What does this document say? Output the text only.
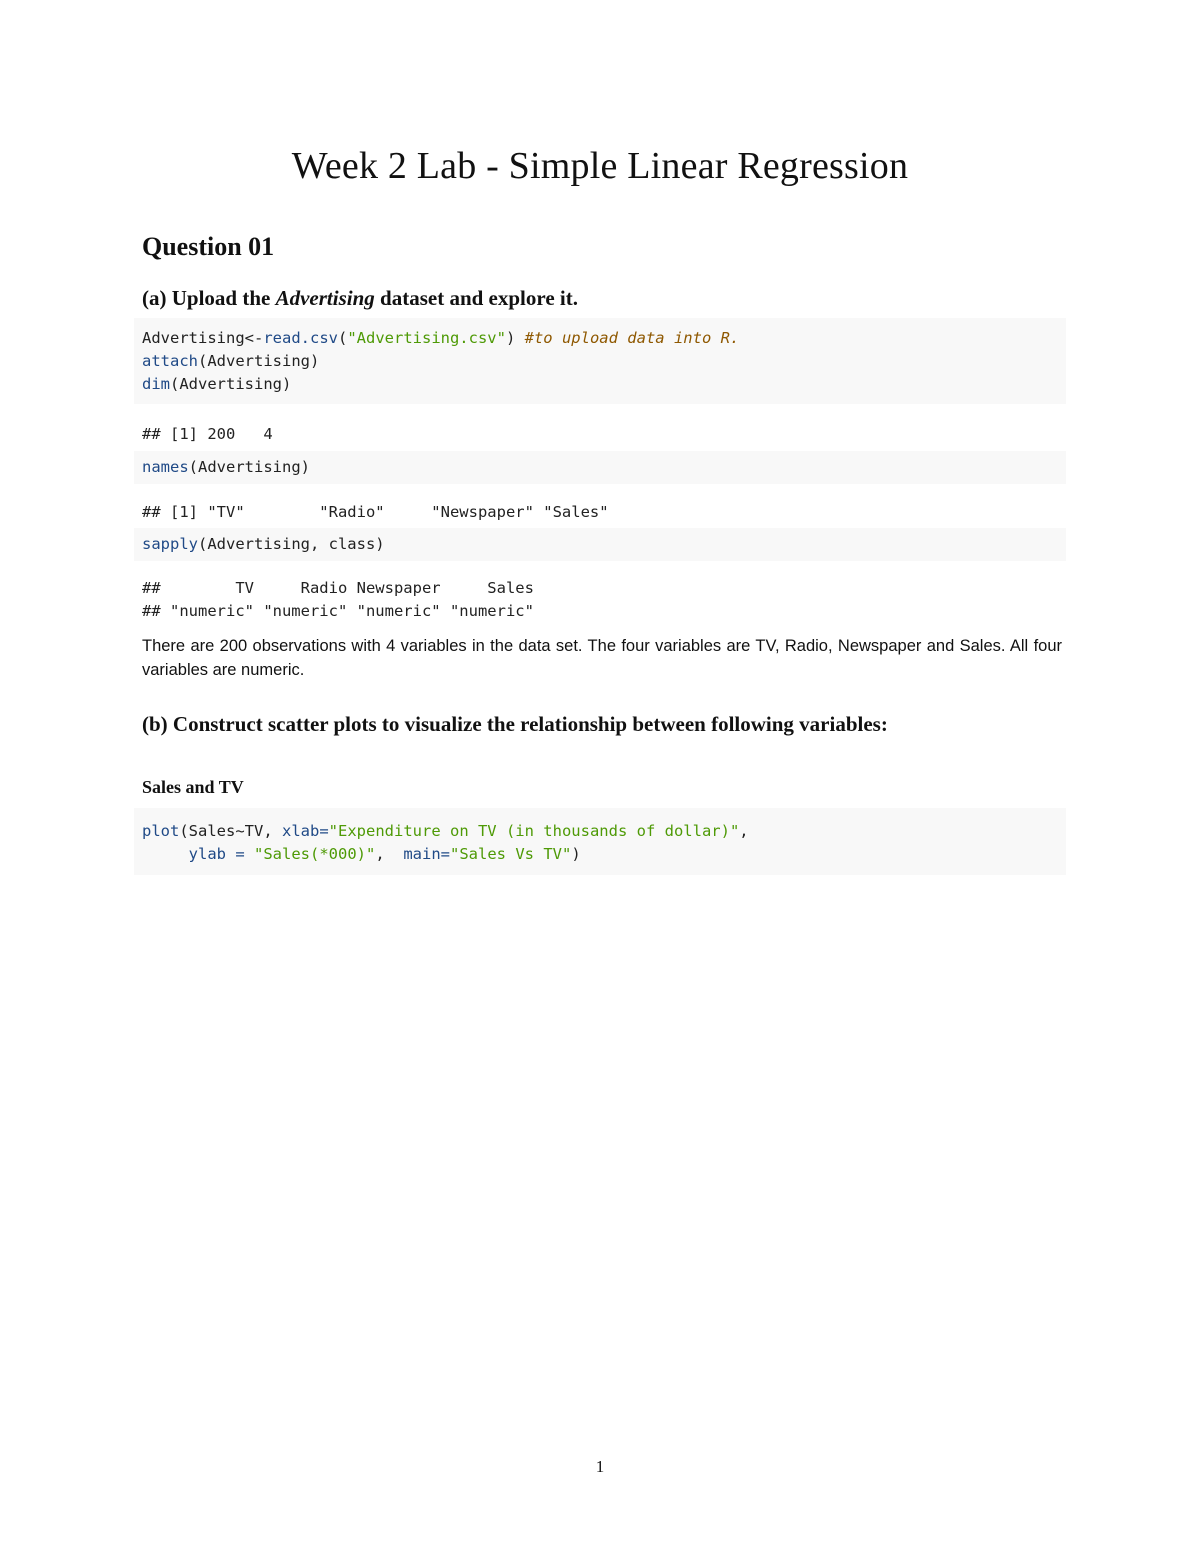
Week 2 Lab - Simple Linear Regression
Question 01
(a) Upload the Advertising dataset and explore it.
Advertising<-read.csv("Advertising.csv") #to upload data into R.
attach(Advertising)
dim(Advertising)
## [1] 200   4
names(Advertising)
## [1] "TV"        "Radio"     "Newspaper" "Sales"
sapply(Advertising, class)
##        TV     Radio Newspaper     Sales
## "numeric" "numeric" "numeric" "numeric"
There are 200 observations with 4 variables in the data set. The four variables are TV, Radio, Newspaper and Sales. All four variables are numeric.
(b) Construct scatter plots to visualize the relationship between following variables:
Sales and TV
plot(Sales~TV, xlab="Expenditure on TV (in thousands of dollar)",
ylab = "Sales(*000)",  main="Sales Vs TV")
1
